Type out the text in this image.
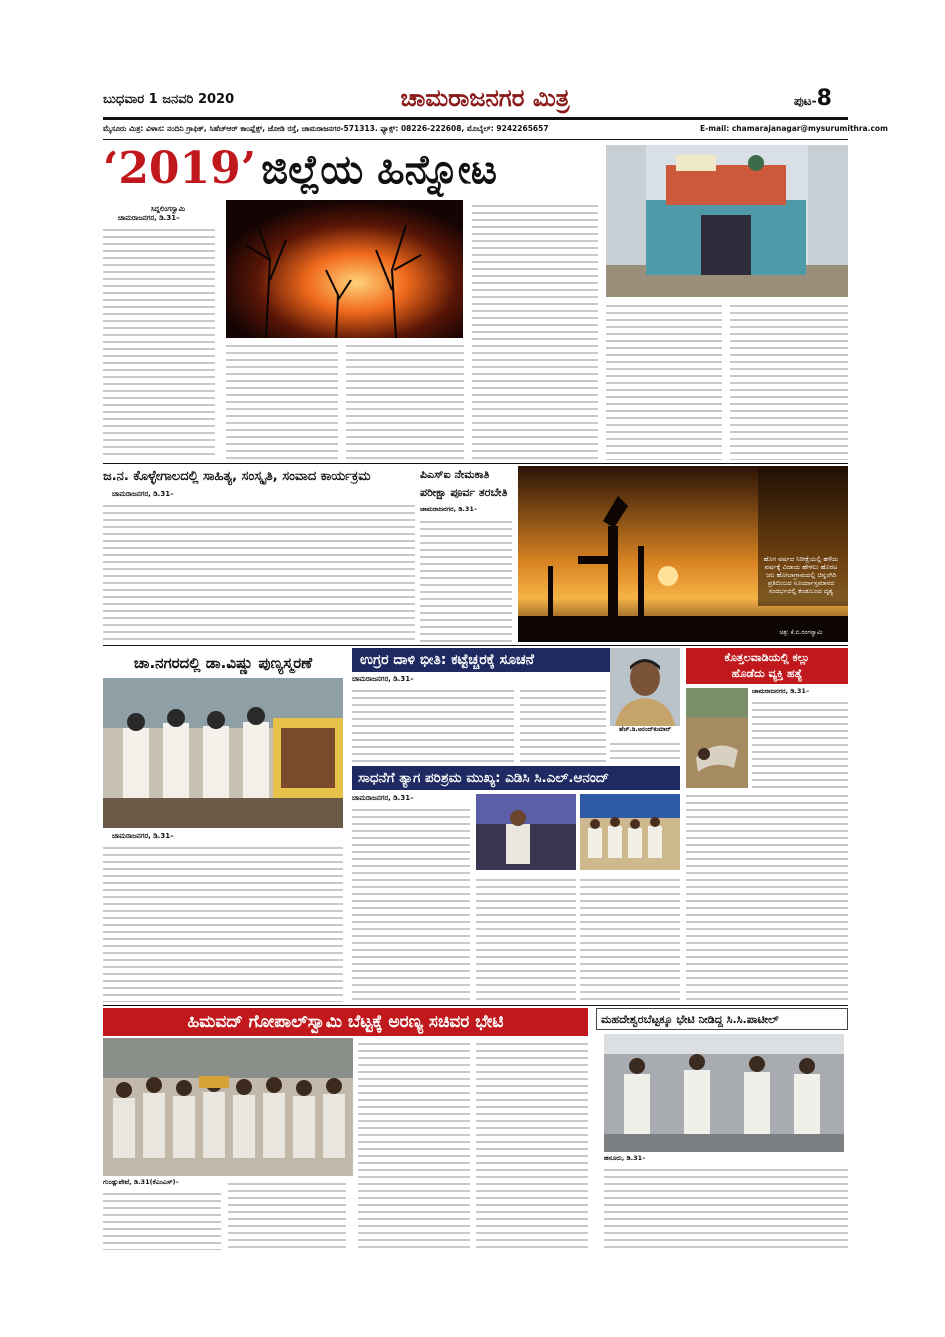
ಬುಧವಾರ 1 ಜನವರಿ 2020	ಚಾಮರಾಜನಗರ ಮಿತ್ರ	ಪುಟ-8
ಮೈಸೂರು ಮಿತ್ರ: ವಿಳಾಸ: ನಂದಿನಿ ಗ್ರಾಫಿಕ್, ಸಿಹೆಚ್‌ಆರ್ ಕಾಂಪ್ಲೆಕ್ಸ್, ಜೋಡಿ ರಸ್ತೆ, ಚಾಮರಾಜನಗರ-571313. ಫ್ಯಾಕ್ಸ್: 08226-222608, ಮೊಬೈಲ್: 9242265657	E-mail: chamarajanagar@mysurumithra.com
‘2019’ ಜಿಲ್ಲೆಯ ಹಿನ್ನೋಟ
ಸಿದ್ದಲಿಂಗಸ್ವಾಮಿ
ಚಾಮರಾಜನಗರ, ಡಿ.31–
ಜ.ನ. ಕೊಳ್ಳೇಗಾಲದಲ್ಲಿ ಸಾಹಿತ್ಯ, ಸಂಸ್ಕೃತಿ, ಸಂವಾದ ಕಾರ್ಯಕ್ರಮ
ಚಾಮರಾಜನಗರ, ಡಿ.31–
ಪಿಎಸ್‌ಐ ನೇಮಕಾತಿ
ಪರೀಕ್ಷಾ ಪೂರ್ವ ತರಬೇತಿ
ಚಾಮರಾಜನಗರ, ಡಿ.31–
ಹೊಗ ವರ್ಷದ ನಿರೀಕ್ಷೆಯಲ್ಲಿ ಹಳೆಯ ವರ್ಷಕ್ಕೆ ವಿದಾಯ ಹೇಳಲು ಹೊರಟ ಜಲ ಹೋಲಾಗ್ರಾಮದಲ್ಲಿ ಚಿನ್ನಂಗಿರಿ ಪ್ರತಿಬಿಂಬದ ಸೂರ್ಯಾಸ್ತಮಾನದ ಸಂದರ್ಭದಲ್ಲಿ ಕಂಡುಬಂದ ದೃಶ್ಯ
ಚಿತ್ರ: ಕೆ.ಬಿ.ರಂಗಸ್ವಾಮಿ
ಚಾ.ನಗರದಲ್ಲಿ ಡಾ.ವಿಷ್ಣು ಪುಣ್ಯಸ್ಮರಣೆ
ಚಾಮರಾಜನಗರ, ಡಿ.31–
ಉಗ್ರರ ದಾಳಿ ಭೀತಿ: ಕಟ್ಟೆಚ್ಚರಕ್ಕೆ ಸೂಚನೆ
ಚಾಮರಾಜನಗರ, ಡಿ.31–
ಹೆಚ್.ಡಿ.ಆನಂದ್‌ಕುಮಾರ್
ಕೊತ್ತಲವಾಡಿಯಲ್ಲಿ ಕಲ್ಲು
ಹೊಡೆದು ವ್ಯಕ್ತಿ ಹತ್ಯೆ
ಚಾಮರಾಜನಗರ, ಡಿ.31–
ಸಾಧನೆಗೆ ತ್ಯಾಗ ಪರಿಶ್ರಮ ಮುಖ್ಯ: ಎಡಿಸಿ ಸಿ.ಎಲ್.ಆನಂದ್
ಚಾಮರಾಜನಗರ, ಡಿ.31–
ಹಿಮವದ್ ಗೋಪಾಲ್‌ಸ್ವಾಮಿ ಬೆಟ್ಟಕ್ಕೆ ಅರಣ್ಯ ಸಚಿವರ ಭೇಟಿ
ಗುಂಡ್ಲುಪೇಟೆ, ಡಿ.31(ಕೆಎಂಎಸ್)–
ಮಹದೇಶ್ವರಬೆಟ್ಟಕ್ಕೂ ಭೇಟಿ ನೀಡಿದ್ದ ಸಿ.ಸಿ.ಪಾಟೀಲ್
ಹನೂರು, ಡಿ.31–
